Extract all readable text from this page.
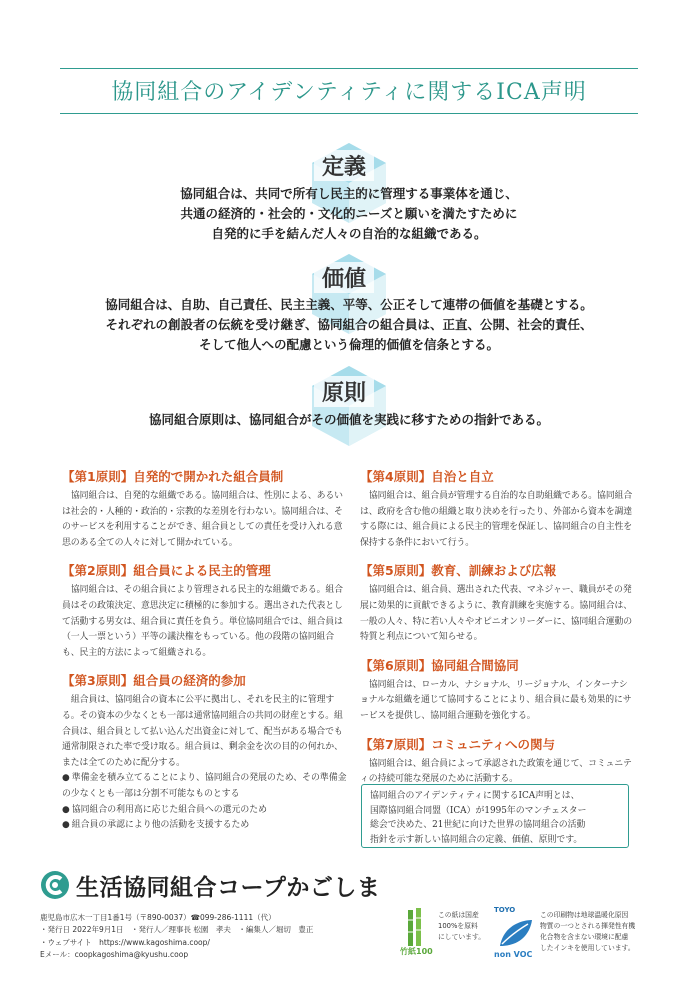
協同組合のアイデンティティに関するICA声明
定義
協同組合は、共同で所有し民主的に管理する事業体を通じ、
共通の経済的・社会的・文化的ニーズと願いを満たすために
自発的に手を結んだ人々の自治的な組織である。
価値
協同組合は、自助、自己責任、民主主義、平等、公正そして連帯の価値を基礎とする。
それぞれの創設者の伝統を受け継ぎ、協同組合の組合員は、正直、公開、社会的責任、
そして他人への配慮という倫理的価値を信条とする。
原則
協同組合原則は、協同組合がその価値を実践に移すための指針である。
【第1原則】自発的で開かれた組合員制

協同組合は、自発的な組織である。協同組合は、性別による、あるいは社会的・人種的・政治的・宗教的な差別を行わない。協同組合は、そのサービスを利用することができ、組合員としての責任を受け入れる意思のある全ての人々に対して開かれている。

【第2原則】組合員による民主的管理

協同組合は、その組合員により管理される民主的な組織である。組合員はその政策決定、意思決定に積極的に参加する。選出された代表として活動する男女は、組合員に責任を負う。単位協同組合では、組合員は（一人一票という）平等の議決権をもっている。他の段階の協同組合も、民主的方法によって組織される。

【第3原則】組合員の経済的参加

組合員は、協同組合の資本に公平に拠出し、それを民主的に管理する。その資本の少なくとも一部は通常協同組合の共同の財産とする。組合員は、組合員として払い込んだ出資金に対して、配当がある場合でも通常制限された率で受け取る。組合員は、剰余金を次の目的の何れか、または全てのために配分する。

● 準備金を積み立てることにより、協同組合の発展のため、その準備金の少なくとも一部は分割不可能なものとする
● 協同組合の利用高に応じた組合員への還元のため
● 組合員の承認により他の活動を支援するため
【第4原則】自治と自立

協同組合は、組合員が管理する自治的な自助組織である。協同組合は、政府を含む他の組織と取り決めを行ったり、外部から資本を調達する際には、組合員による民主的管理を保証し、協同組合の自主性を保持する条件において行う。

【第5原則】教育、訓練および広報

協同組合は、組合員、選出された代表、マネジャー、職員がその発展に効果的に貢献できるように、教育訓練を実施する。協同組合は、一般の人々、特に若い人々やオピニオンリーダーに、協同組合運動の特質と利点について知らせる。

【第6原則】協同組合間協同

協同組合は、ローカル、ナショナル、リージョナル、インターナショナルな組織を通じて協同することにより、組合員に最も効果的にサービスを提供し、協同組合運動を強化する。

【第7原則】コミュニティへの関与

協同組合は、組合員によって承認された政策を通じて、コミュニティの持続可能な発展のために活動する。

協同組合のアイデンティティに関するICA声明とは、
国際協同組合同盟（ICA）が1995年のマンチェスター
総会で決めた、21世紀に向けた世界の協同組合の活動
指針を示す新しい協同組合の定義、価値、原則です。
生活協同組合コープかごしま
鹿児島市広木一丁目1番1号（〒890-0037）☎099-286-1111（代）
・発行日 2022年9月1日　・発行人／理事長 松園　孝夫　・編集人／堀切　豊正
・ウェブサイト　https://www.kagoshima.coop/
Eメール：coopkagoshima@kyushu.coop	竹紙100
この紙は国産
100%を原料
にしています。
TOYO
non VOC
この印刷物は地球温暖化原因
物質の一つとされる揮発性有機
化合物を含まない環境に配慮
したインキを使用しています。
